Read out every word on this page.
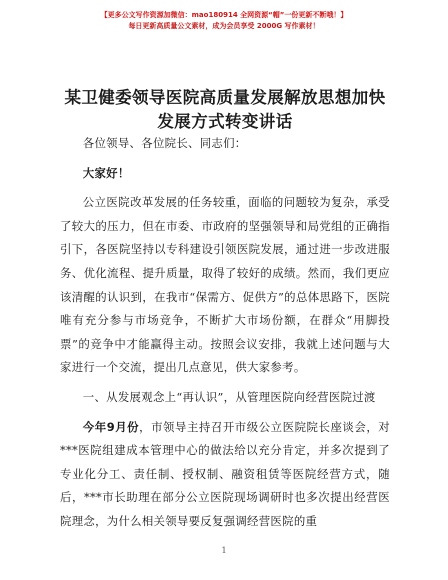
【更多公文写作资源加微信：mao180914 全网资源“帽”一份更新不断哦！】
每日更新高质量公文素材，成为会员享受 2000G 写作素材！
某卫健委领导医院高质量发展解放思想加快发展方式转变讲话

各位领导、各位院长、同志们：

大家好！

公立医院改革发展的任务较重，面临的问题较为复杂，承受了较大的压力，但在市委、市政府的坚强领导和局党组的正确指引下，各医院坚持以专科建设引领医院发展，通过进一步改进服务、优化流程、提升质量，取得了较好的成绩。然而，我们更应该清醒的认识到，在我市“保需方、促供方”的总体思路下，医院唯有充分参与市场竞争，不断扩大市场份额，在群众“用脚投票”的竞争中才能赢得主动。按照会议安排，我就上述问题与大家进行一个交流，提出几点意见，供大家参考。

一、从发展观念上“再认识”，从管理医院向经营医院过渡

今年9月份，市领导主持召开市级公立医院院长座谈会，对***医院组建成本管理中心的做法给以充分肯定，并多次提到了专业化分工、责任制、授权制、融资租赁等医院经营方式，随后，***市长助理在部分公立医院现场调研时也多次提出经营医院理念，为什么相关领导要反复强调经营医院的重

1
